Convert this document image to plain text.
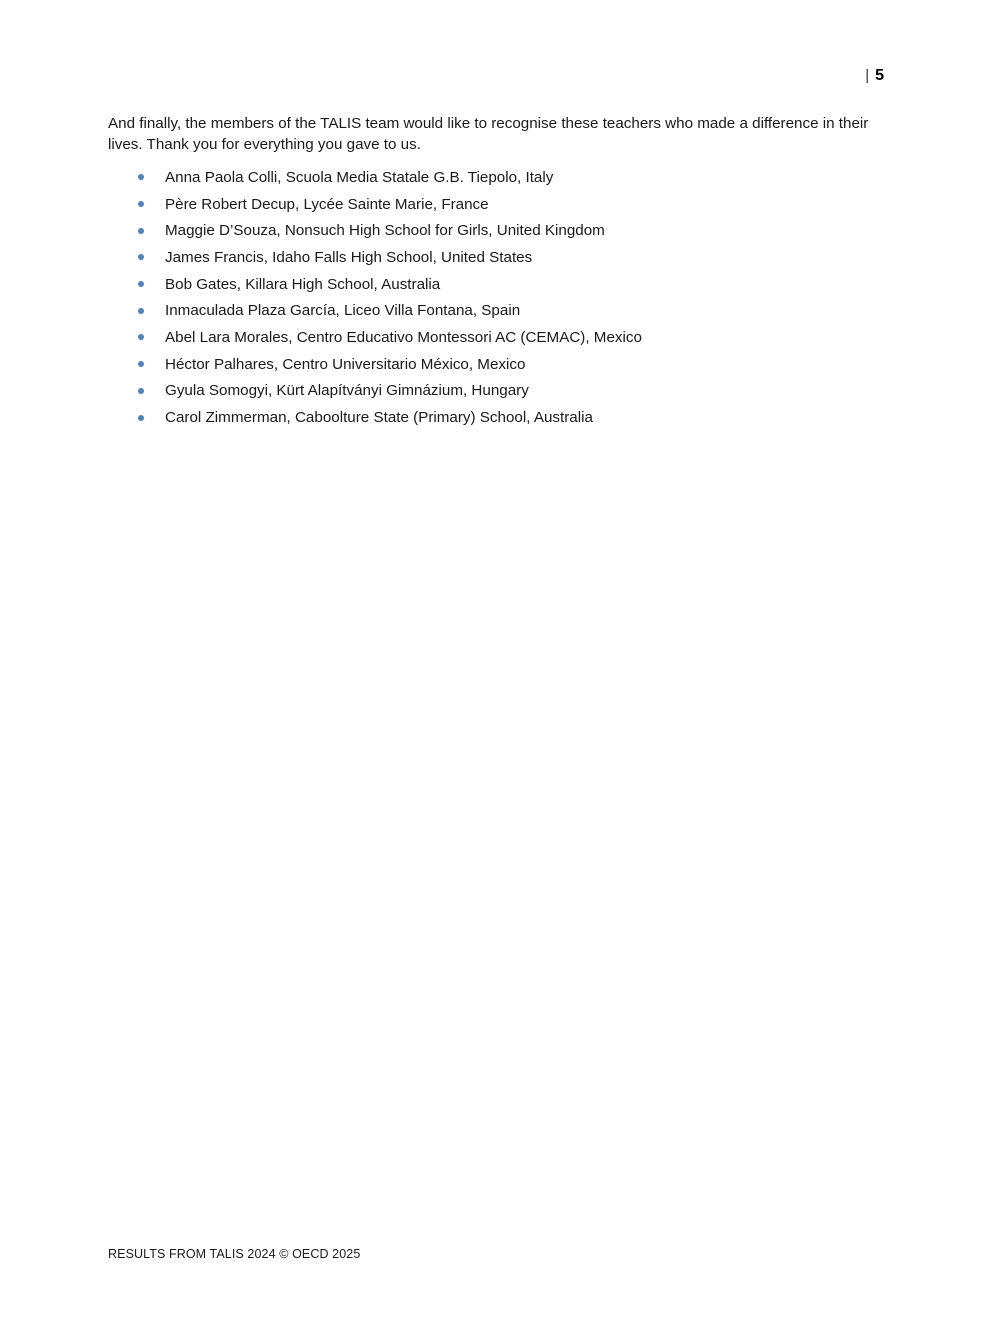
| 5

And finally, the members of the TALIS team would like to recognise these teachers who made a difference in their lives. Thank you for everything you gave to us.

Anna Paola Colli, Scuola Media Statale G.B. Tiepolo, Italy
Père Robert Decup, Lycée Sainte Marie, France
Maggie D’Souza, Nonsuch High School for Girls, United Kingdom
James Francis, Idaho Falls High School, United States
Bob Gates, Killara High School, Australia
Inmaculada Plaza García, Liceo Villa Fontana, Spain
Abel Lara Morales, Centro Educativo Montessori AC (CEMAC), Mexico
Héctor Palhares, Centro Universitario México, Mexico
Gyula Somogyi, Kürt Alapítványi Gimnázium, Hungary
Carol Zimmerman, Caboolture State (Primary) School, Australia
RESULTS FROM TALIS 2024 © OECD 2025
